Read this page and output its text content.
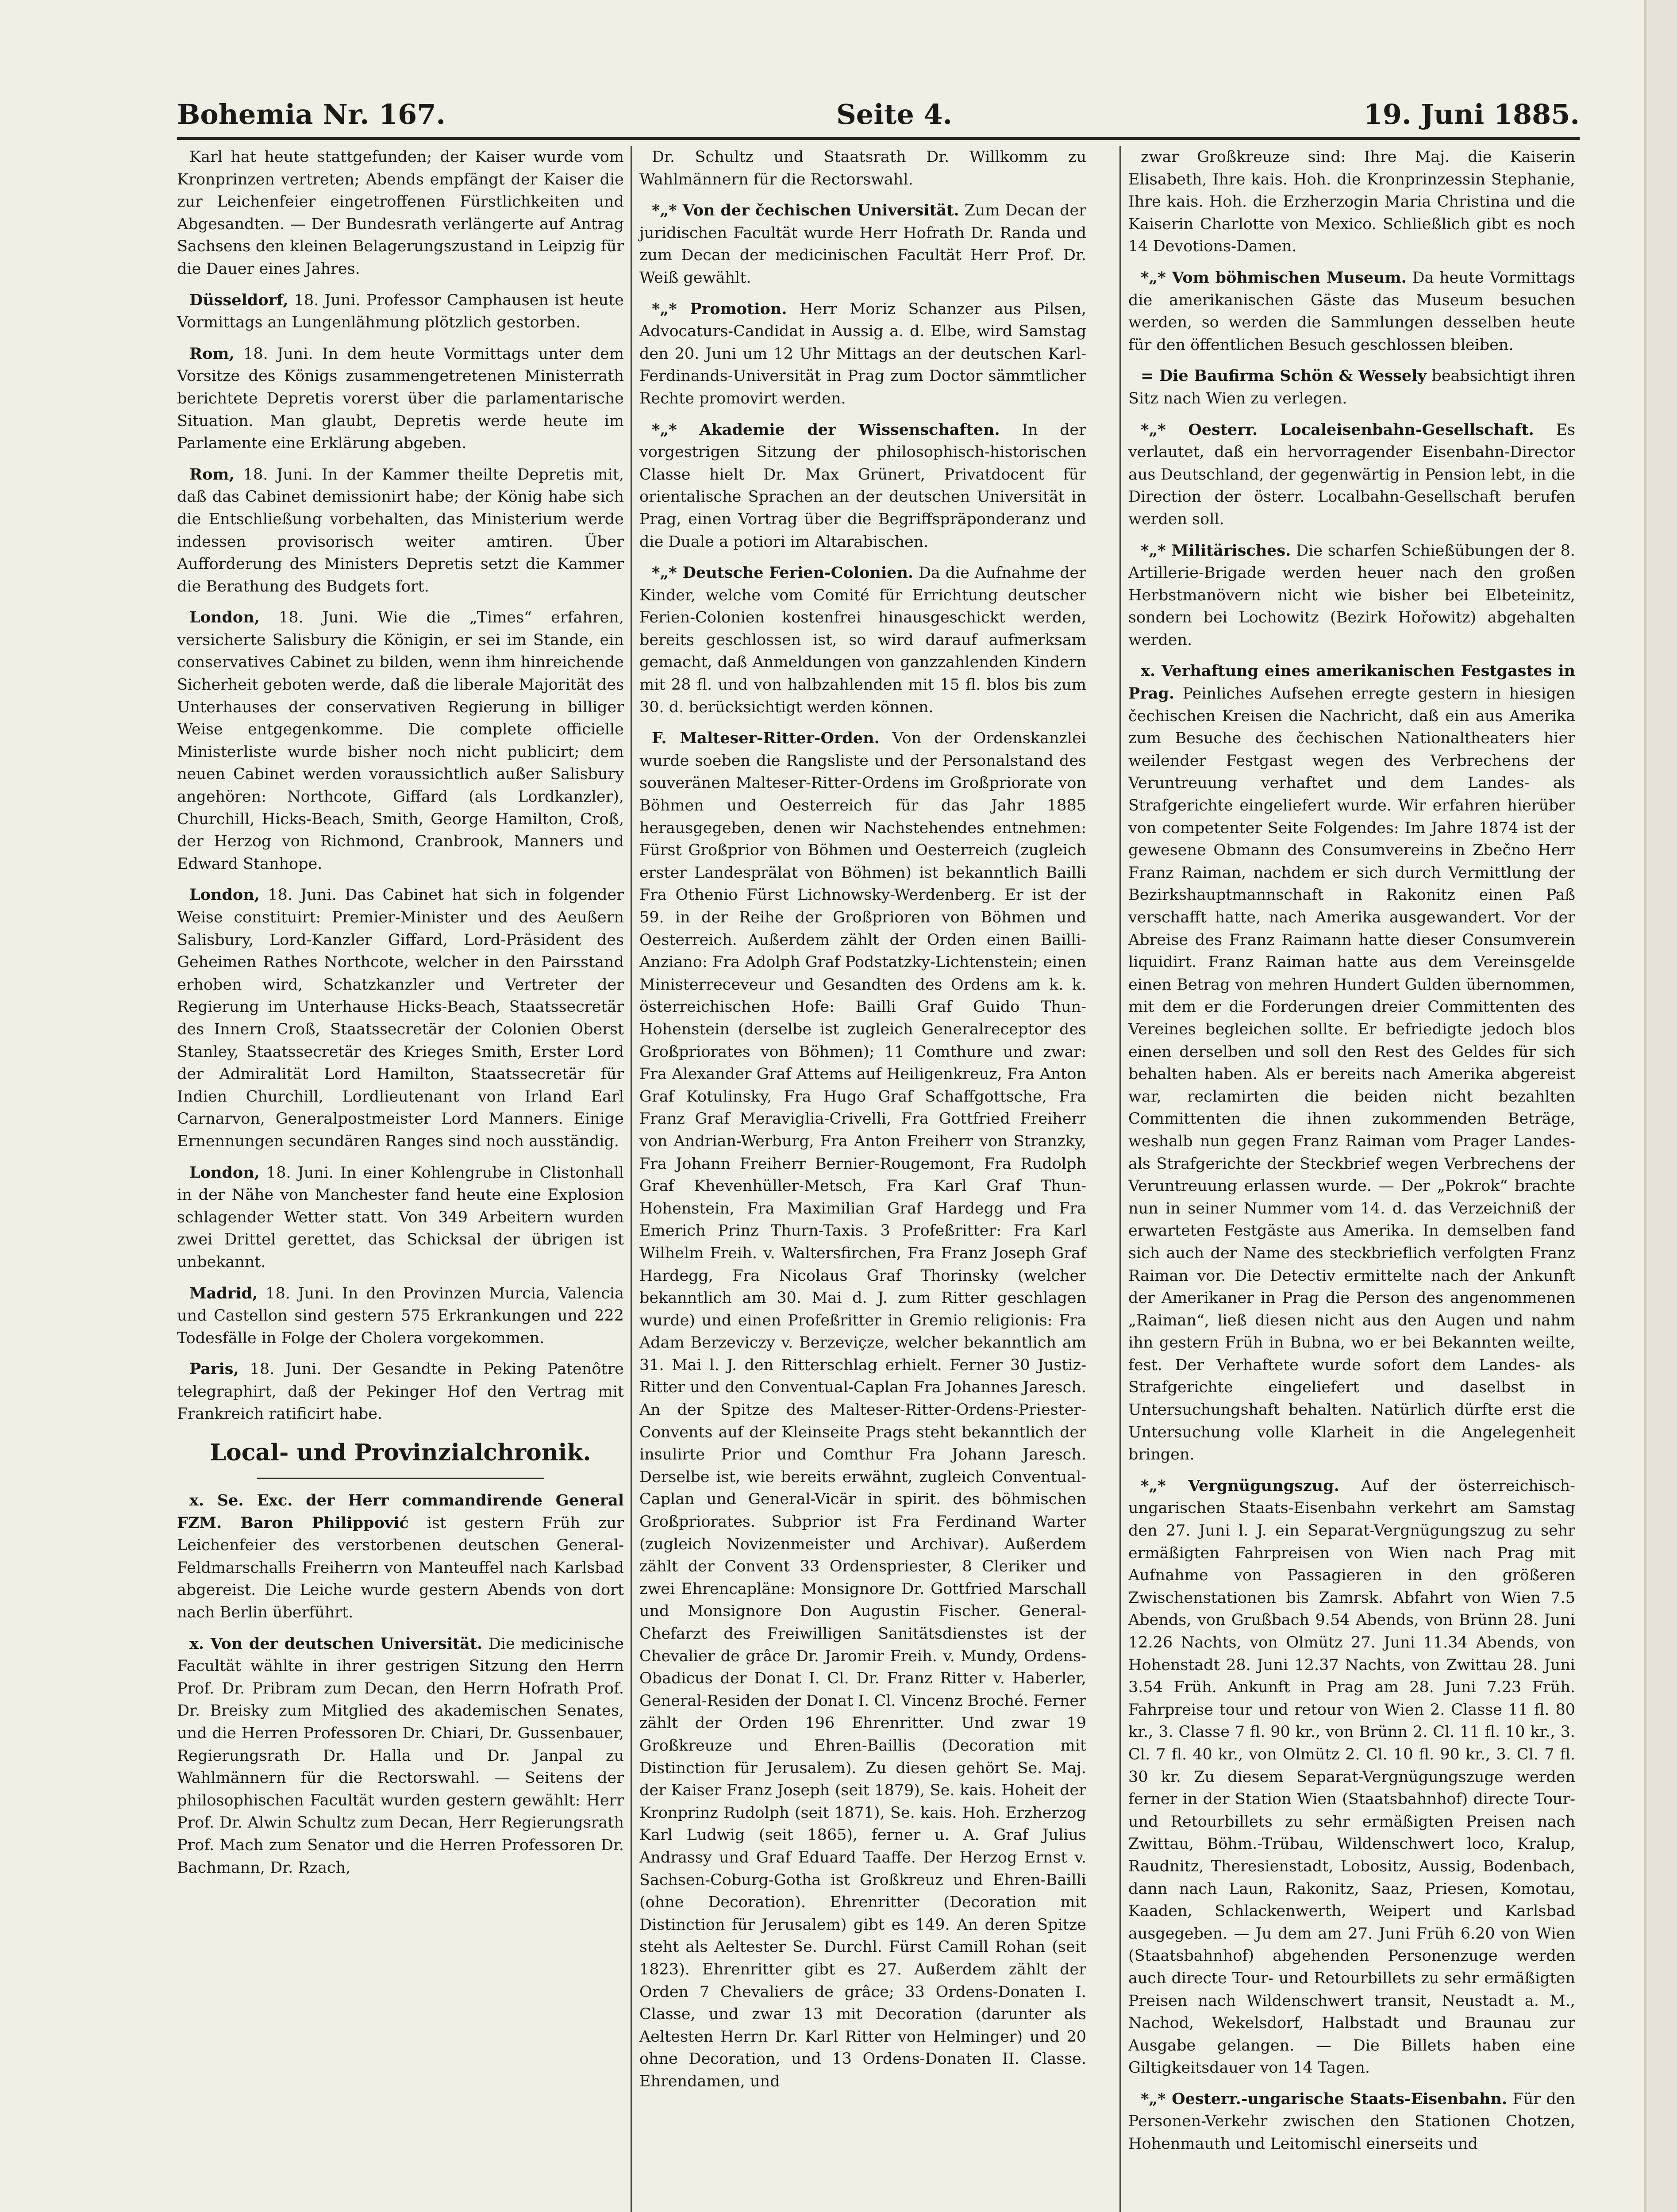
Bohemia Nr. 167.	Seite 4.	19. Juni 1885.

Karl hat heute stattgefunden; der Kaiser wurde vom Kronprinzen vertreten; Abends empfängt der Kaiser die zur Leichenfeier eingetroffenen Fürstlichkeiten und Abgesandten. — Der Bundesrath verlängerte auf Antrag Sachsens den kleinen Belagerungszustand in Leipzig für die Dauer eines Jahres.

Düsseldorf, 18. Juni. Professor Camphausen ist heute Vormittags an Lungenlähmung plötzlich gestorben.

Rom, 18. Juni. In dem heute Vormittags unter dem Vorsitze des Königs zusammengetretenen Ministerrath berichtete Depretis vorerst über die parlamentarische Situation. Man glaubt, Depretis werde heute im Parlamente eine Erklärung abgeben.

Rom, 18. Juni. In der Kammer theilte Depretis mit, daß das Cabinet demissionirt habe; der König habe sich die Entschließung vorbehalten, das Ministerium werde indessen provisorisch weiter amtiren. Über Aufforderung des Ministers Depretis setzt die Kammer die Berathung des Budgets fort.

London, 18. Juni. Wie die „Times“ erfahren, versicherte Salisbury die Königin, er sei im Stande, ein conservatives Cabinet zu bilden, wenn ihm hinreichende Sicherheit geboten werde, daß die liberale Majorität des Unterhauses der conservativen Regierung in billiger Weise entgegenkomme. Die complete officielle Ministerliste wurde bisher noch nicht publicirt; dem neuen Cabinet werden voraussichtlich außer Salisbury angehören: Northcote, Giffard (als Lordkanzler), Churchill, Hicks-Beach, Smith, George Hamilton, Croß, der Herzog von Richmond, Cranbrook, Manners und Edward Stanhope.

London, 18. Juni. Das Cabinet hat sich in folgender Weise constituirt: Premier-Minister und des Aeußern Salisbury, Lord-Kanzler Giffard, Lord-Präsident des Geheimen Rathes Northcote, welcher in den Pairsstand erhoben wird, Schatzkanzler und Vertreter der Regierung im Unterhause Hicks-Beach, Staatssecretär des Innern Croß, Staatssecretär der Colonien Oberst Stanley, Staatssecretär des Krieges Smith, Erster Lord der Admiralität Lord Hamilton, Staatssecretär für Indien Churchill, Lordlieutenant von Irland Earl Carnarvon, Generalpostmeister Lord Manners. Einige Ernennungen secundären Ranges sind noch ausständig.

London, 18. Juni. In einer Kohlengrube in Clistonhall in der Nähe von Manchester fand heute eine Explosion schlagender Wetter statt. Von 349 Arbeitern wurden zwei Drittel gerettet, das Schicksal der übrigen ist unbekannt.

Madrid, 18. Juni. In den Provinzen Murcia, Valencia und Castellon sind gestern 575 Erkrankungen und 222 Todesfälle in Folge der Cholera vorgekommen.

Paris, 18. Juni. Der Gesandte in Peking Patenôtre telegraphirt, daß der Pekinger Hof den Vertrag mit Frankreich ratificirt habe.

Local- und Provinzialchronik.

x. Se. Exc. der Herr commandirende General FZM. Baron Philippović ist gestern Früh zur Leichenfeier des verstorbenen deutschen General-Feldmarschalls Freiherrn von Manteuffel nach Karlsbad abgereist. Die Leiche wurde gestern Abends von dort nach Berlin überführt.

x. Von der deutschen Universität. Die medicinische Facultät wählte in ihrer gestrigen Sitzung den Herrn Prof. Dr. Pribram zum Decan, den Herrn Hofrath Prof. Dr. Breisky zum Mitglied des akademischen Senates, und die Herren Professoren Dr. Chiari, Dr. Gussenbauer, Regierungsrath Dr. Halla und Dr. Janpal zu Wahlmännern für die Rectorswahl. — Seitens der philosophischen Facultät wurden gestern gewählt: Herr Prof. Dr. Alwin Schultz zum Decan, Herr Regierungsrath Prof. Mach zum Senator und die Herren Professoren Dr. Bachmann, Dr. Rzach,

Dr. Schultz und Staatsrath Dr. Willkomm zu Wahlmännern für die Rectorswahl.

*„* Von der čechischen Universität. Zum Decan der juridischen Facultät wurde Herr Hofrath Dr. Randa und zum Decan der medicinischen Facultät Herr Prof. Dr. Weiß gewählt.

*„* Promotion. Herr Moriz Schanzer aus Pilsen, Advocaturs-Candidat in Aussig a. d. Elbe, wird Samstag den 20. Juni um 12 Uhr Mittags an der deutschen Karl-Ferdinands-Universität in Prag zum Doctor sämmtlicher Rechte promovirt werden.

*„* Akademie der Wissenschaften. In der vorgestrigen Sitzung der philosophisch-historischen Classe hielt Dr. Max Grünert, Privatdocent für orientalische Sprachen an der deutschen Universität in Prag, einen Vortrag über die Begriffspräponderanz und die Duale a potiori im Altarabischen.

*„* Deutsche Ferien-Colonien. Da die Aufnahme der Kinder, welche vom Comité für Errichtung deutscher Ferien-Colonien kostenfrei hinausgeschickt werden, bereits geschlossen ist, so wird darauf aufmerksam gemacht, daß Anmeldungen von ganzzahlenden Kindern mit 28 fl. und von halbzahlenden mit 15 fl. blos bis zum 30. d. berücksichtigt werden können.

F. Malteser-Ritter-Orden. Von der Ordenskanzlei wurde soeben die Rangsliste und der Personalstand des souveränen Malteser-Ritter-Ordens im Großpriorate von Böhmen und Oesterreich für das Jahr 1885 herausgegeben, denen wir Nachstehendes entnehmen: Fürst Großprior von Böhmen und Oesterreich (zugleich erster Landesprälat von Böhmen) ist bekanntlich Bailli Fra Othenio Fürst Lichnowsky-Werdenberg. Er ist der 59. in der Reihe der Großprioren von Böhmen und Oesterreich. Außerdem zählt der Orden einen Bailli-Anziano: Fra Adolph Graf Podstatzky-Lichtenstein; einen Ministerreceveur und Gesandten des Ordens am k. k. österreichischen Hofe: Bailli Graf Guido Thun-Hohenstein (derselbe ist zugleich Generalreceptor des Großpriorates von Böhmen); 11 Comthure und zwar: Fra Alexander Graf Attems auf Heiligenkreuz, Fra Anton Graf Kotulinsky, Fra Hugo Graf Schaffgottsche, Fra Franz Graf Meraviglia-Crivelli, Fra Gottfried Freiherr von Andrian-Werburg, Fra Anton Freiherr von Stranzky, Fra Johann Freiherr Bernier-Rougemont, Fra Rudolph Graf Khevenhüller-Metsch, Fra Karl Graf Thun-Hohenstein, Fra Maximilian Graf Hardegg und Fra Emerich Prinz Thurn-Taxis. 3 Profeßritter: Fra Karl Wilhelm Freih. v. Waltersfirchen, Fra Franz Joseph Graf Hardegg, Fra Nicolaus Graf Thorinsky (welcher bekanntlich am 30. Mai d. J. zum Ritter geschlagen wurde) und einen Profeßritter in Gremio religionis: Fra Adam Berzeviczy v. Berzeviçze, welcher bekanntlich am 31. Mai l. J. den Ritterschlag erhielt. Ferner 30 Justiz-Ritter und den Conventual-Caplan Fra Johannes Jaresch. An der Spitze des Malteser-Ritter-Ordens-Priester-Convents auf der Kleinseite Prags steht bekanntlich der insulirte Prior und Comthur Fra Johann Jaresch. Derselbe ist, wie bereits erwähnt, zugleich Conventual-Caplan und General-Vicär in spirit. des böhmischen Großpriorates. Subprior ist Fra Ferdinand Warter (zugleich Novizenmeister und Archivar). Außerdem zählt der Convent 33 Ordenspriester, 8 Cleriker und zwei Ehrencapläne: Monsignore Dr. Gottfried Marschall und Monsignore Don Augustin Fischer. General-Chefarzt des Freiwilligen Sanitätsdienstes ist der Chevalier de grâce Dr. Jaromir Freih. v. Mundy, Ordens-Obadicus der Donat I. Cl. Dr. Franz Ritter v. Haberler, General-Residen der Donat I. Cl. Vincenz Broché. Ferner zählt der Orden 196 Ehrenritter. Und zwar 19 Großkreuze und Ehren-Baillis (Decoration mit Distinction für Jerusalem). Zu diesen gehört Se. Maj. der Kaiser Franz Joseph (seit 1879), Se. kais. Hoheit der Kronprinz Rudolph (seit 1871), Se. kais. Hoh. Erzherzog Karl Ludwig (seit 1865), ferner u. A. Graf Julius Andrassy und Graf Eduard Taaffe. Der Herzog Ernst v. Sachsen-Coburg-Gotha ist Großkreuz und Ehren-Bailli (ohne Decoration). Ehrenritter (Decoration mit Distinction für Jerusalem) gibt es 149. An deren Spitze steht als Aeltester Se. Durchl. Fürst Camill Rohan (seit 1823). Ehrenritter gibt es 27. Außerdem zählt der Orden 7 Chevaliers de grâce; 33 Ordens-Donaten I. Classe, und zwar 13 mit Decoration (darunter als Aeltesten Herrn Dr. Karl Ritter von Helminger) und 20 ohne Decoration, und 13 Ordens-Donaten II. Classe. Ehrendamen, und

zwar Großkreuze sind: Ihre Maj. die Kaiserin Elisabeth, Ihre kais. Hoh. die Kronprinzessin Stephanie, Ihre kais. Hoh. die Erzherzogin Maria Christina und die Kaiserin Charlotte von Mexico. Schließlich gibt es noch 14 Devotions-Damen.

*„* Vom böhmischen Museum. Da heute Vormittags die amerikanischen Gäste das Museum besuchen werden, so werden die Sammlungen desselben heute für den öffentlichen Besuch geschlossen bleiben.

= Die Baufirma Schön & Wessely beabsichtigt ihren Sitz nach Wien zu verlegen.

*„* Oesterr. Localeisenbahn-Gesellschaft. Es verlautet, daß ein hervorragender Eisenbahn-Director aus Deutschland, der gegenwärtig in Pension lebt, in die Direction der österr. Localbahn-Gesellschaft berufen werden soll.

*„* Militärisches. Die scharfen Schießübungen der 8. Artillerie-Brigade werden heuer nach den großen Herbstmanövern nicht wie bisher bei Elbeteinitz, sondern bei Lochowitz (Bezirk Hořowitz) abgehalten werden.

x. Verhaftung eines amerikanischen Festgastes in Prag. Peinliches Aufsehen erregte gestern in hiesigen čechischen Kreisen die Nachricht, daß ein aus Amerika zum Besuche des čechischen Nationaltheaters hier weilender Festgast wegen des Verbrechens der Veruntreuung verhaftet und dem Landes- als Strafgerichte eingeliefert wurde. Wir erfahren hierüber von competenter Seite Folgendes: Im Jahre 1874 ist der gewesene Obmann des Consumvereins in Zbečno Herr Franz Raiman, nachdem er sich durch Vermittlung der Bezirkshauptmannschaft in Rakonitz einen Paß verschafft hatte, nach Amerika ausgewandert. Vor der Abreise des Franz Raimann hatte dieser Consumverein liquidirt. Franz Raiman hatte aus dem Vereinsgelde einen Betrag von mehren Hundert Gulden übernommen, mit dem er die Forderungen dreier Committenten des Vereines begleichen sollte. Er befriedigte jedoch blos einen derselben und soll den Rest des Geldes für sich behalten haben. Als er bereits nach Amerika abgereist war, reclamirten die beiden nicht bezahlten Committenten die ihnen zukommenden Beträge, weshalb nun gegen Franz Raiman vom Prager Landes- als Strafgerichte der Steckbrief wegen Verbrechens der Veruntreuung erlassen wurde. — Der „Pokrok“ brachte nun in seiner Nummer vom 14. d. das Verzeichniß der erwarteten Festgäste aus Amerika. In demselben fand sich auch der Name des steckbrieflich verfolgten Franz Raiman vor. Die Detectiv ermittelte nach der Ankunft der Amerikaner in Prag die Person des angenommenen „Raiman“, ließ diesen nicht aus den Augen und nahm ihn gestern Früh in Bubna, wo er bei Bekannten weilte, fest. Der Verhaftete wurde sofort dem Landes- als Strafgerichte eingeliefert und daselbst in Untersuchungshaft behalten. Natürlich dürfte erst die Untersuchung volle Klarheit in die Angelegenheit bringen.

*„* Vergnügungszug. Auf der österreichisch-ungarischen Staats-Eisenbahn verkehrt am Samstag den 27. Juni l. J. ein Separat-Vergnügungszug zu sehr ermäßigten Fahrpreisen von Wien nach Prag mit Aufnahme von Passagieren in den größeren Zwischenstationen bis Zamrsk. Abfahrt von Wien 7.5 Abends, von Grußbach 9.54 Abends, von Brünn 28. Juni 12.26 Nachts, von Olmütz 27. Juni 11.34 Abends, von Hohenstadt 28. Juni 12.37 Nachts, von Zwittau 28. Juni 3.54 Früh. Ankunft in Prag am 28. Juni 7.23 Früh. Fahrpreise tour und retour von Wien 2. Classe 11 fl. 80 kr., 3. Classe 7 fl. 90 kr., von Brünn 2. Cl. 11 fl. 10 kr., 3. Cl. 7 fl. 40 kr., von Olmütz 2. Cl. 10 fl. 90 kr., 3. Cl. 7 fl. 30 kr. Zu diesem Separat-Vergnügungszuge werden ferner in der Station Wien (Staatsbahnhof) directe Tour- und Retourbillets zu sehr ermäßigten Preisen nach Zwittau, Böhm.-Trübau, Wildenschwert loco, Kralup, Raudnitz, Theresienstadt, Lobositz, Aussig, Bodenbach, dann nach Laun, Rakonitz, Saaz, Priesen, Komotau, Kaaden, Schlackenwerth, Weipert und Karlsbad ausgegeben. — Ju dem am 27. Juni Früh 6.20 von Wien (Staatsbahnhof) abgehenden Personenzuge werden auch directe Tour- und Retourbillets zu sehr ermäßigten Preisen nach Wildenschwert transit, Neustadt a. M., Nachod, Wekelsdorf, Halbstadt und Braunau zur Ausgabe gelangen. — Die Billets haben eine Giltigkeitsdauer von 14 Tagen.

*„* Oesterr.-ungarische Staats-Eisenbahn. Für den Personen-Verkehr zwischen den Stationen Chotzen, Hohenmauth und Leitomischl einerseits und
